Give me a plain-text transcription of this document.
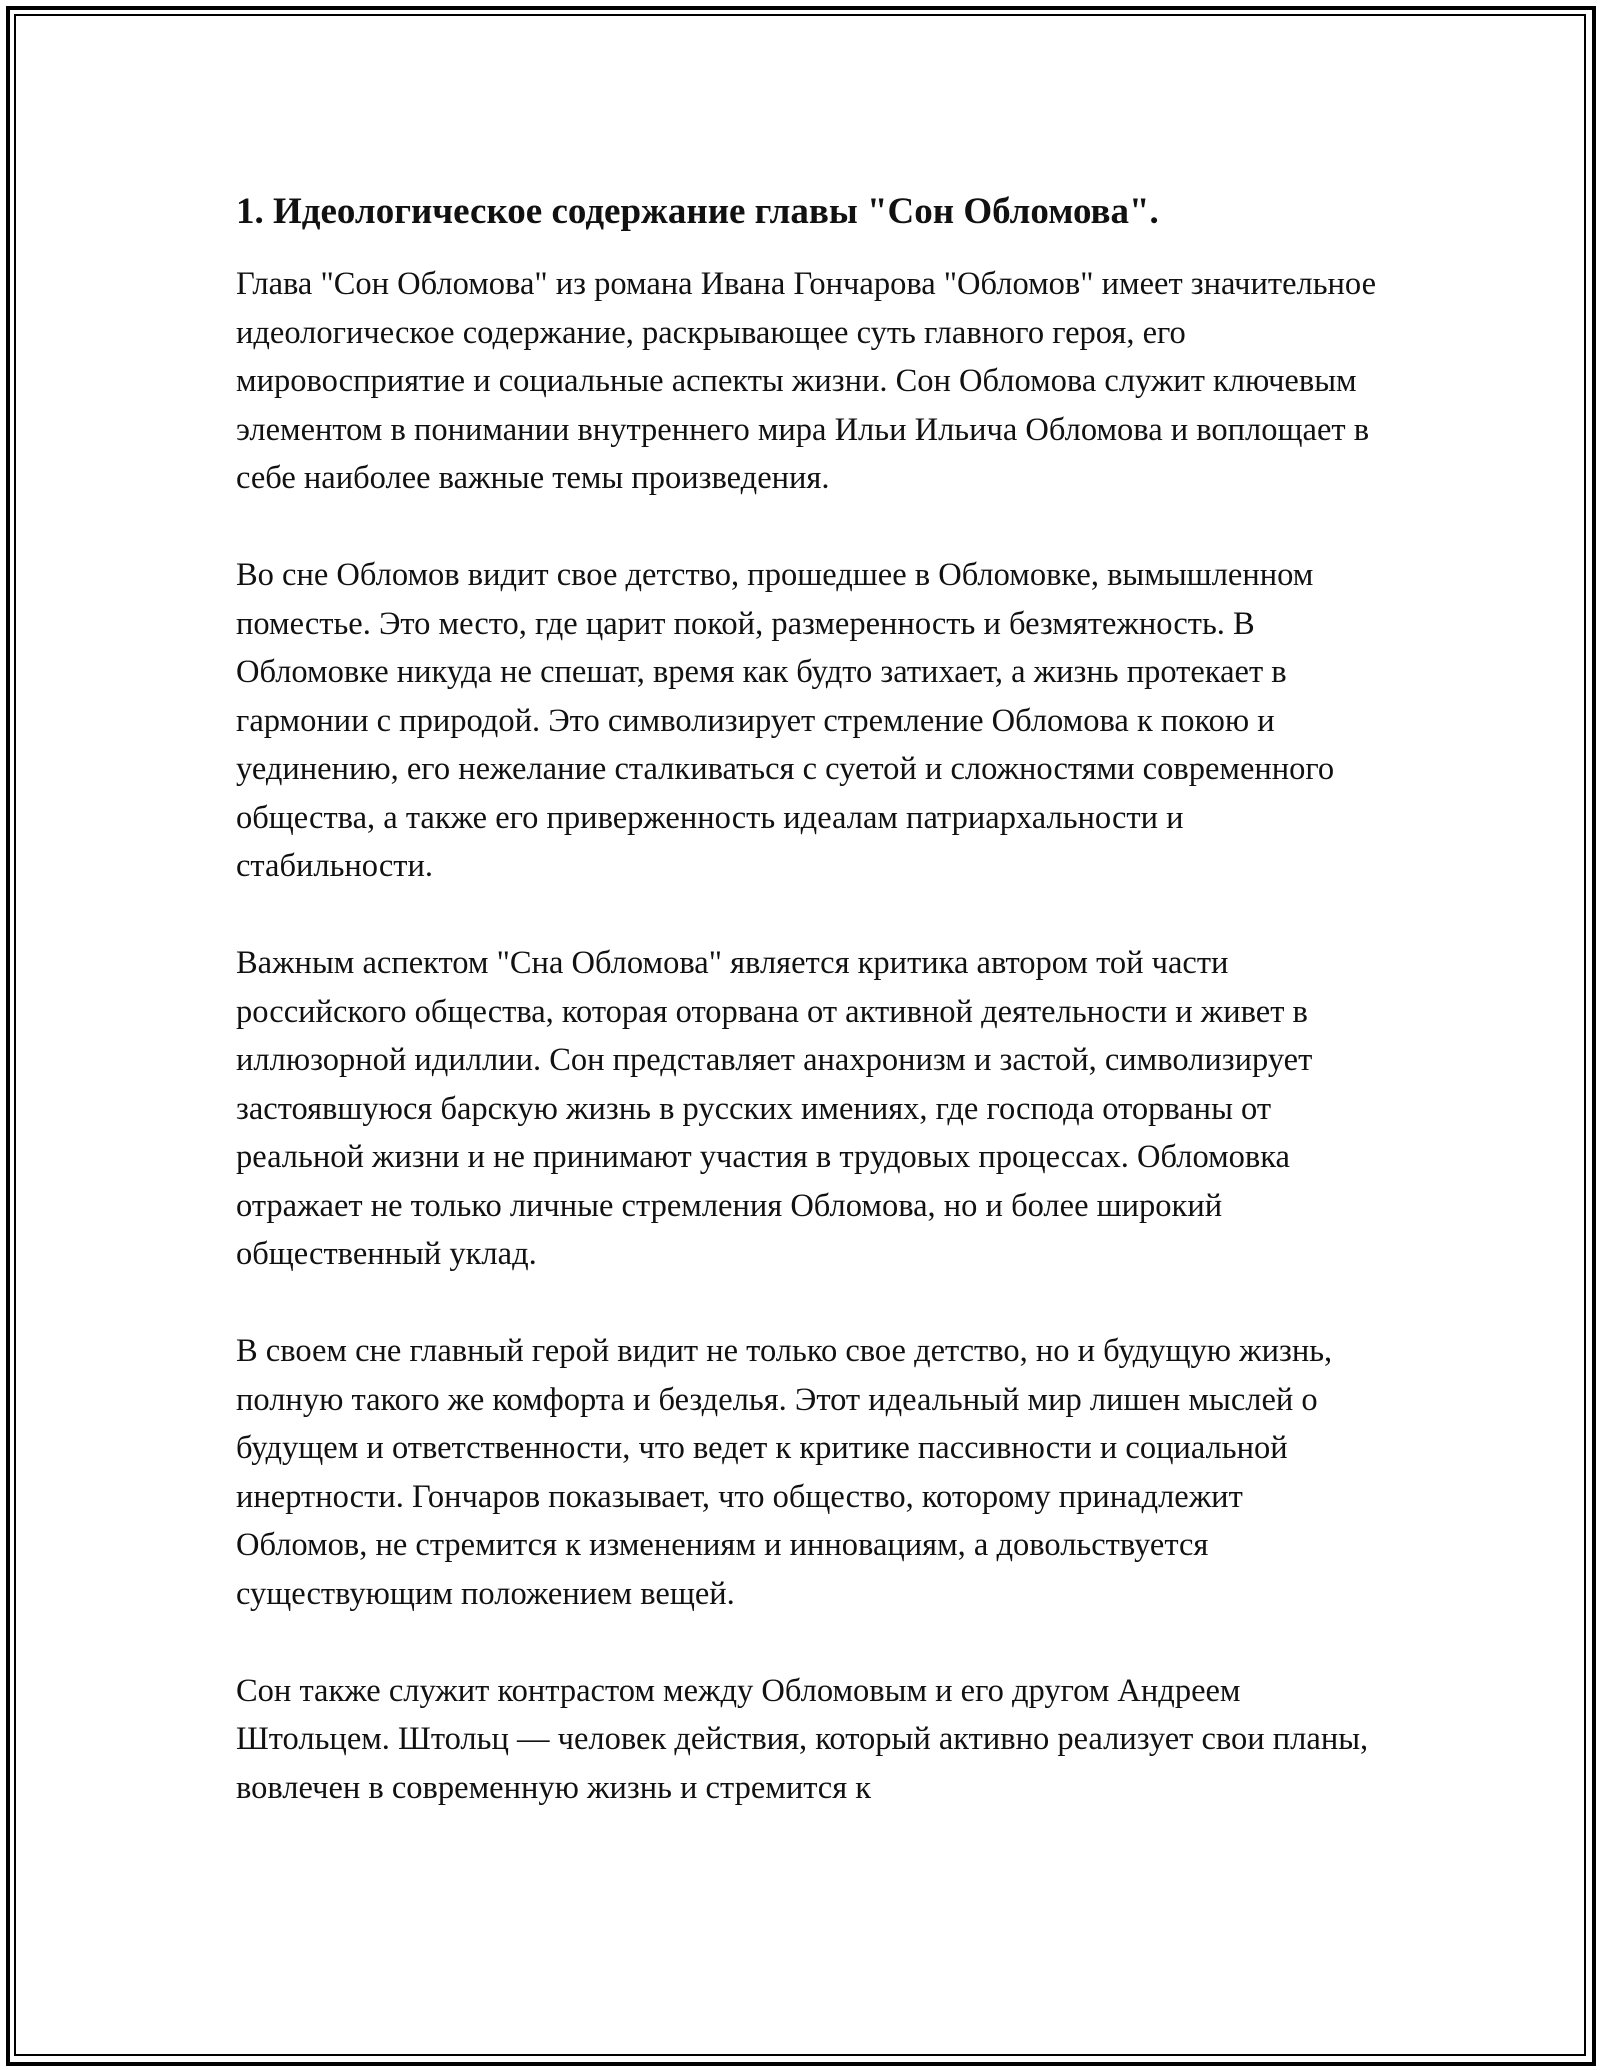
1. Идеологическое содержание главы "Сон Обломова".

Глава "Сон Обломова" из романа Ивана Гончарова "Обломов" имеет значительное идеологическое содержание, раскрывающее суть главного героя, его мировосприятие и социальные аспекты жизни. Сон Обломова служит ключевым элементом в понимании внутреннего мира Ильи Ильича Обломова и воплощает в себе наиболее важные темы произведения.

Во сне Обломов видит свое детство, прошедшее в Обломовке, вымышленном поместье. Это место, где царит покой, размеренность и безмятежность. В Обломовке никуда не спешат, время как будто затихает, а жизнь протекает в гармонии с природой. Это символизирует стремление Обломова к покою и уединению, его нежелание сталкиваться с суетой и сложностями современного общества, а также его приверженность идеалам патриархальности и стабильности.

Важным аспектом "Сна Обломова" является критика автором той части российского общества, которая оторвана от активной деятельности и живет в иллюзорной идиллии. Сон представляет анахронизм и застой, символизирует застоявшуюся барскую жизнь в русских имениях, где господа оторваны от реальной жизни и не принимают участия в трудовых процессах. Обломовка отражает не только личные стремления Обломова, но и более широкий общественный уклад.

В своем сне главный герой видит не только свое детство, но и будущую жизнь, полную такого же комфорта и безделья. Этот идеальный мир лишен мыслей о будущем и ответственности, что ведет к критике пассивности и социальной инертности. Гончаров показывает, что общество, которому принадлежит Обломов, не стремится к изменениям и инновациям, а довольствуется существующим положением вещей.

Сон также служит контрастом между Обломовым и его другом Андреем Штольцем. Штольц — человек действия, который активно реализует свои планы, вовлечен в современную жизнь и стремится к
